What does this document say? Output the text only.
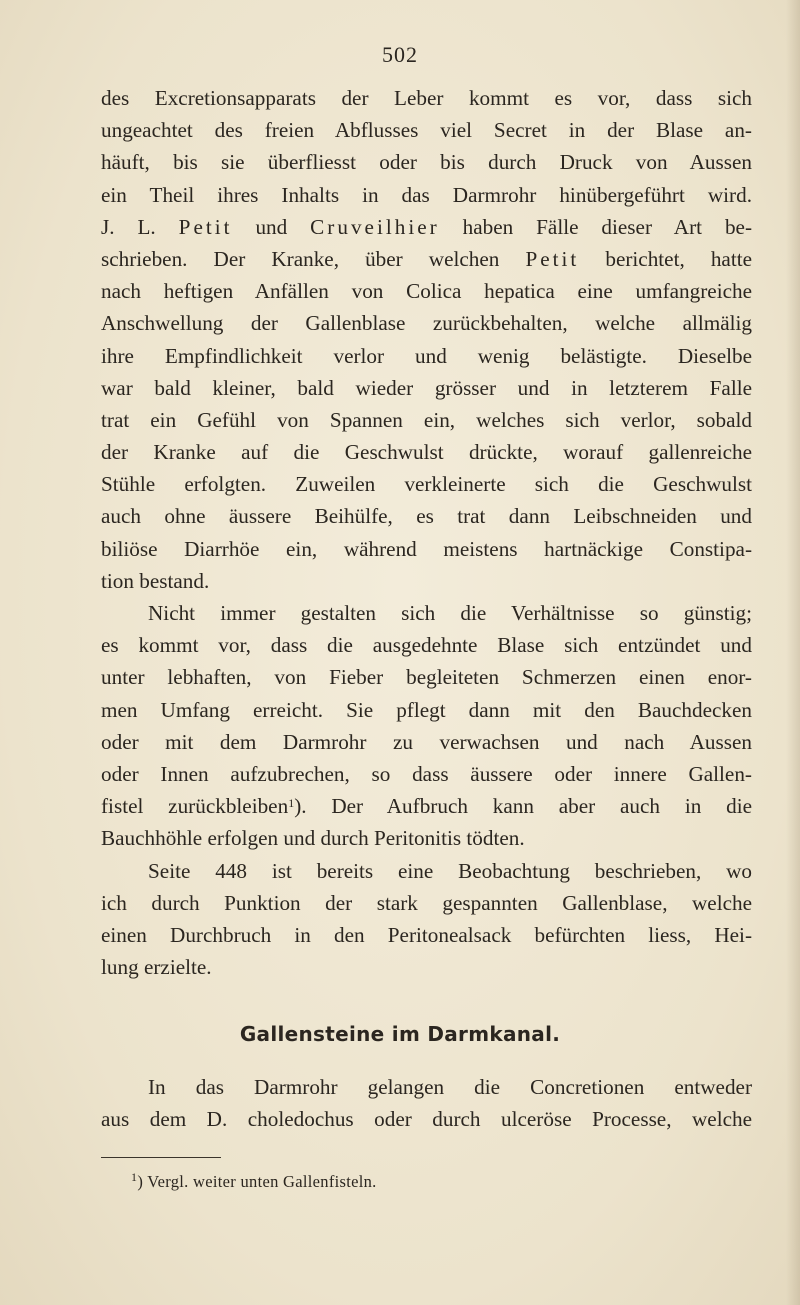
502
des Excretionsapparats der Leber kommt es vor, dass sich
ungeachtet des freien Abflusses viel Secret in der Blase an-
häuft, bis sie überfliesst oder bis durch Druck von Aussen
ein Theil ihres Inhalts in das Darmrohr hinübergeführt wird.
J. L. Petit und Cruveilhier haben Fälle dieser Art be-
schrieben. Der Kranke, über welchen Petit berichtet, hatte
nach heftigen Anfällen von Colica hepatica eine umfangreiche
Anschwellung der Gallenblase zurückbehalten, welche allmälig
ihre Empfindlichkeit verlor und wenig belästigte. Dieselbe
war bald kleiner, bald wieder grösser und in letzterem Falle
trat ein Gefühl von Spannen ein, welches sich verlor, sobald
der Kranke auf die Geschwulst drückte, worauf gallenreiche
Stühle erfolgten. Zuweilen verkleinerte sich die Geschwulst
auch ohne äussere Beihülfe, es trat dann Leibschneiden und
biliöse Diarrhöe ein, während meistens hartnäckige Constipa-
tion bestand.
Nicht immer gestalten sich die Verhältnisse so günstig;
es kommt vor, dass die ausgedehnte Blase sich entzündet und
unter lebhaften, von Fieber begleiteten Schmerzen einen enor-
men Umfang erreicht. Sie pflegt dann mit den Bauchdecken
oder mit dem Darmrohr zu verwachsen und nach Aussen
oder Innen aufzubrechen, so dass äussere oder innere Gallen-
fistel zurückbleiben$^1$). Der Aufbruch kann aber auch in die
Bauchhöhle erfolgen und durch Peritonitis tödten.
Seite 448 ist bereits eine Beobachtung beschrieben, wo
ich durch Punktion der stark gespannten Gallenblase, welche
einen Durchbruch in den Peritonealsack befürchten liess, Hei-
lung erzielte.
Gallensteine im Darmkanal.
In das Darmrohr gelangen die Concretionen entweder
aus dem D. choledochus oder durch ulceröse Processe, welche
$^1$) Vergl. weiter unten Gallenfisteln.
